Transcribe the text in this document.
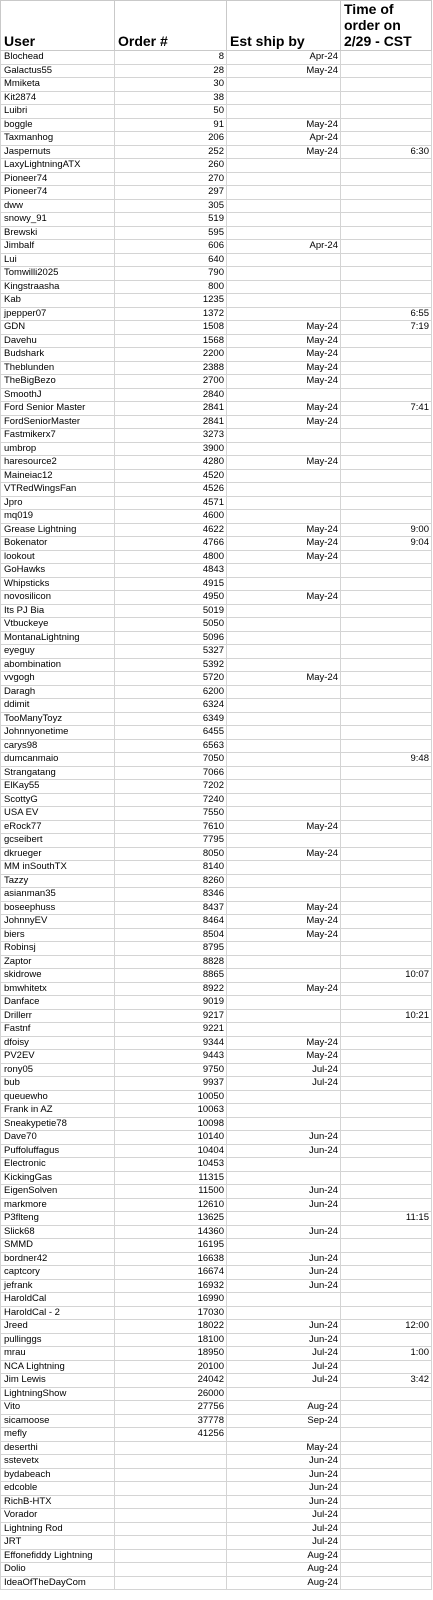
User	Order #	Est ship by	Time of order on 2/29 - CST
Blochead	8	Apr-24	
Galactus55	28	May-24	
Mmiketa	30		
Kit2874	38		
Luibri	50		
boggle	91	May-24	
Taxmanhog	206	Apr-24	
Jaspernuts	252	May-24	6:30
LaxyLightningATX	260		
Pioneer74	270		
Pioneer74	297		
dww	305		
snowy_91	519		
Brewski	595		
Jimbalf	606	Apr-24	
Lui	640		
Tomwilli2025	790		
Kingstraasha	800		
Kab	1235		
jpepper07	1372		6:55
GDN	1508	May-24	7:19
Davehu	1568	May-24	
Budshark	2200	May-24	
Theblunden	2388	May-24	
TheBigBezo	2700	May-24	
SmoothJ	2840		
Ford Senior Master	2841	May-24	7:41
FordSeniorMaster	2841	May-24	
Fastmikerx7	3273		
umbrop	3900		
haresource2	4280	May-24	
Maineiac12	4520		
VTRedWingsFan	4526		
Jpro	4571		
mq019	4600		
Grease Lightning	4622	May-24	9:00
Bokenator	4766	May-24	9:04
lookout	4800	May-24	
GoHawks	4843		
Whipsticks	4915		
novosilicon	4950	May-24	
Its PJ Bia	5019		
Vtbuckeye	5050		
MontanaLightning	5096		
eyeguy	5327		
abombination	5392		
vvgogh	5720	May-24	
Daragh	6200		
ddimit	6324		
TooManyToyz	6349		
Johnnyonetime	6455		
carys98	6563		
dumcanmaio	7050		9:48
Strangatang	7066		
ElKay55	7202		
ScottyG	7240		
USA EV	7550		
eRock77	7610	May-24	
gcseibert	7795		
dkrueger	8050	May-24	
MM inSouthTX	8140		
Tazzy	8260		
asianman35	8346		
boseephuss	8437	May-24	
JohnnyEV	8464	May-24	
biers	8504	May-24	
Robinsj	8795		
Zaptor	8828		
skidrowe	8865		10:07
bmwhitetx	8922	May-24	
Danface	9019		
Drillerr	9217		10:21
Fastnf	9221		
dfoisy	9344	May-24	
PV2EV	9443	May-24	
rony05	9750	Jul-24	
bub	9937	Jul-24	
queuewho	10050		
Frank in AZ	10063		
Sneakypetie78	10098		
Dave70	10140	Jun-24	
Puffoluffagus	10404	Jun-24	
Electronic	10453		
KickingGas	11315		
EigenSolven	11500	Jun-24	
markmore	12610	Jun-24	
P3flteng	13625		11:15
Slick68	14360	Jun-24	
SMMD	16195		
bordner42	16638	Jun-24	
captcory	16674	Jun-24	
jefrank	16932	Jun-24	
HaroldCal	16990		
HaroldCal - 2	17030		
Jreed	18022	Jun-24	12:00
pullinggs	18100	Jun-24	
mrau	18950	Jul-24	1:00
NCA Lightning	20100	Jul-24	
Jim Lewis	24042	Jul-24	3:42
LightningShow	26000		
Vito	27756	Aug-24	
sicamoose	37778	Sep-24	
mefly	41256		
deserthi		May-24	
sstevetx		Jun-24	
bydabeach		Jun-24	
edcoble		Jun-24	
RichB-HTX		Jun-24	
Vorador		Jul-24	
Lightning Rod		Jul-24	
JRT		Jul-24	
Effonefiddy Lightning		Aug-24	
Dolio		Aug-24	
IdeaOfTheDayCom		Aug-24	
